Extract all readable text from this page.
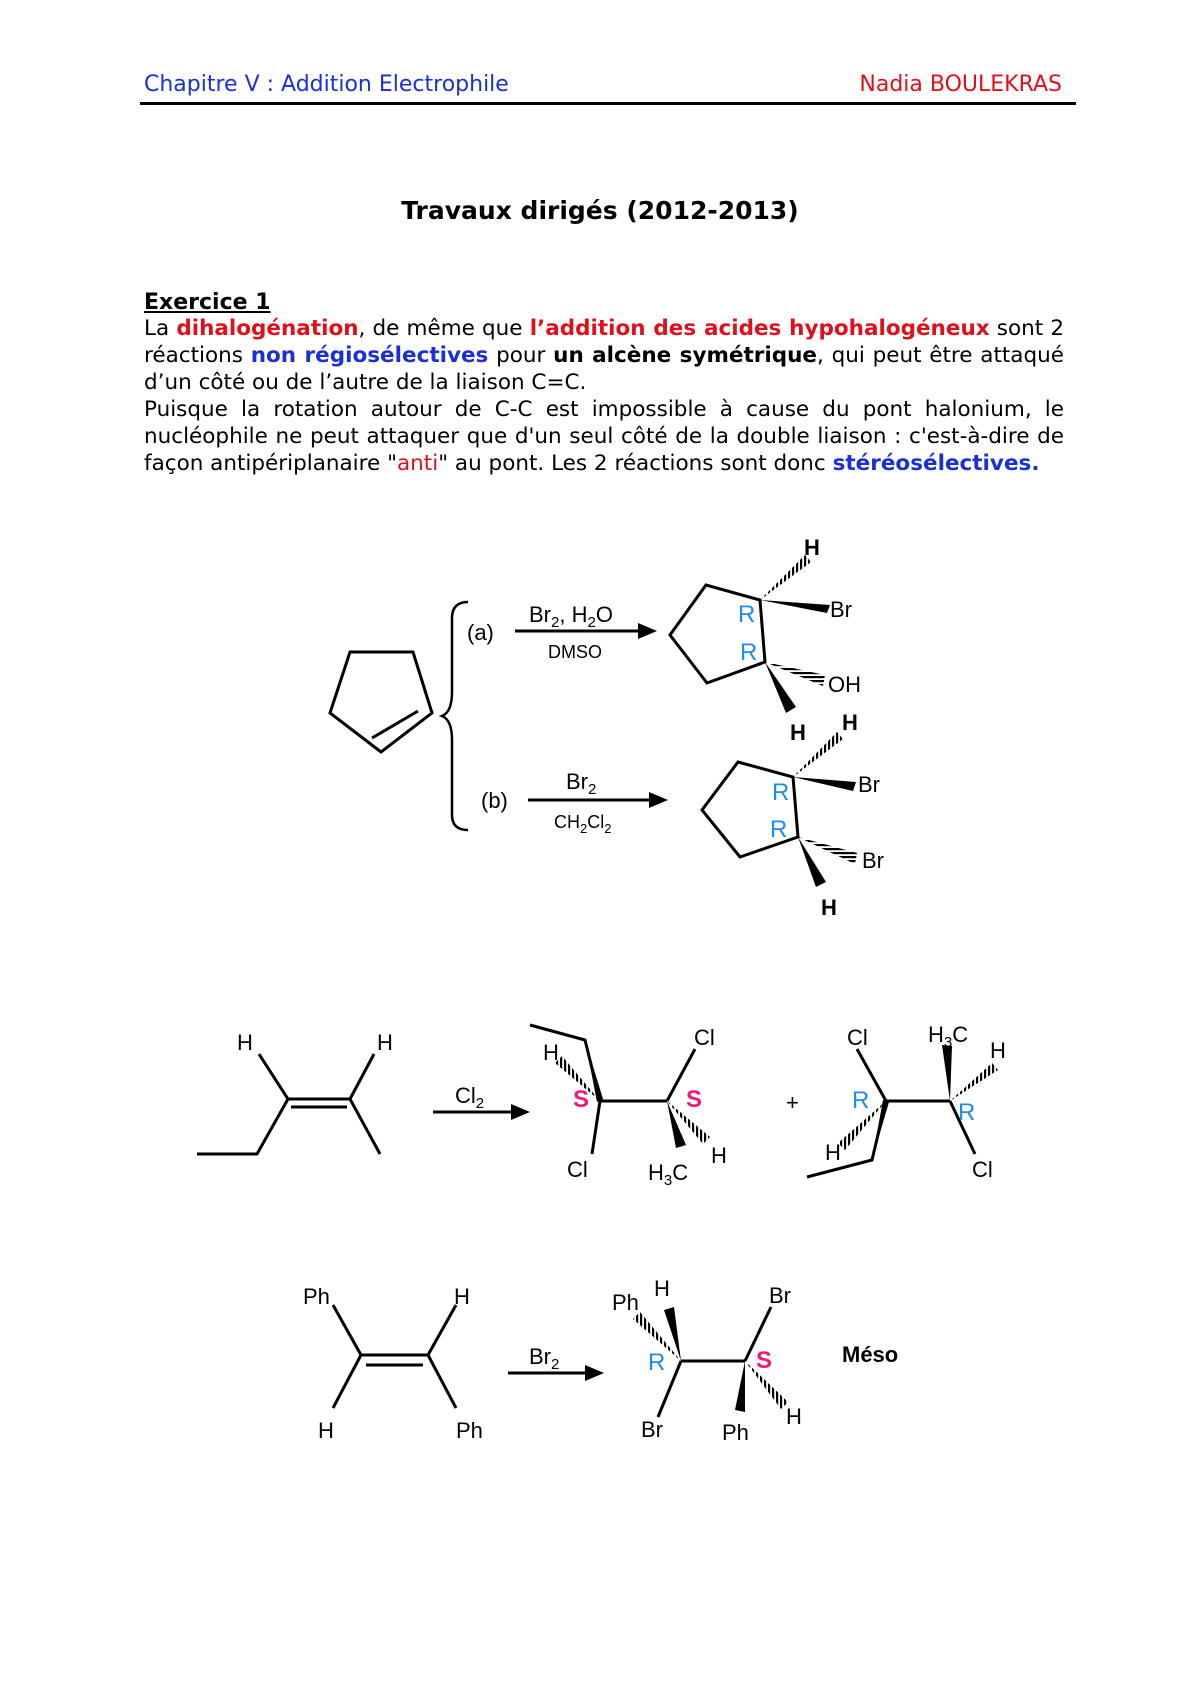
Chapitre V : Addition Electrophile	Nadia BOULEKRAS
Travaux dirigés (2012-2013)
Exercice 1
La dihalogénation, de même que l’addition des acides hypohalogéneux sont 2 réactions non régiosélectives pour un alcène symétrique, qui peut être attaqué d’un côté ou de l’autre de la liaison C=C.
Puisque la rotation autour de C-C est impossible à cause du pont halonium, le nucléophile ne peut attaquer que d'un seul côté de la double liaison : c'est-à-dire de façon antipériplanaire "anti" au pont. Les 2 réactions sont donc stéréosélectives.
(a)
(b)
$Br_2$, $H_2O$
DMSO
$Br_2$
$CH_2Cl_2$
H
Br
OH
H
R
R
H
Br
Br
H
R
R
H	H
$Cl_2$	+
H
Cl
Cl	$H_3C$
H
S	S
Cl	$H_3C$
H
H
Cl
R	R
Ph	H
H	Ph
$Br_2$
Ph
H	Br
Br	Ph
H
R	S	Méso
